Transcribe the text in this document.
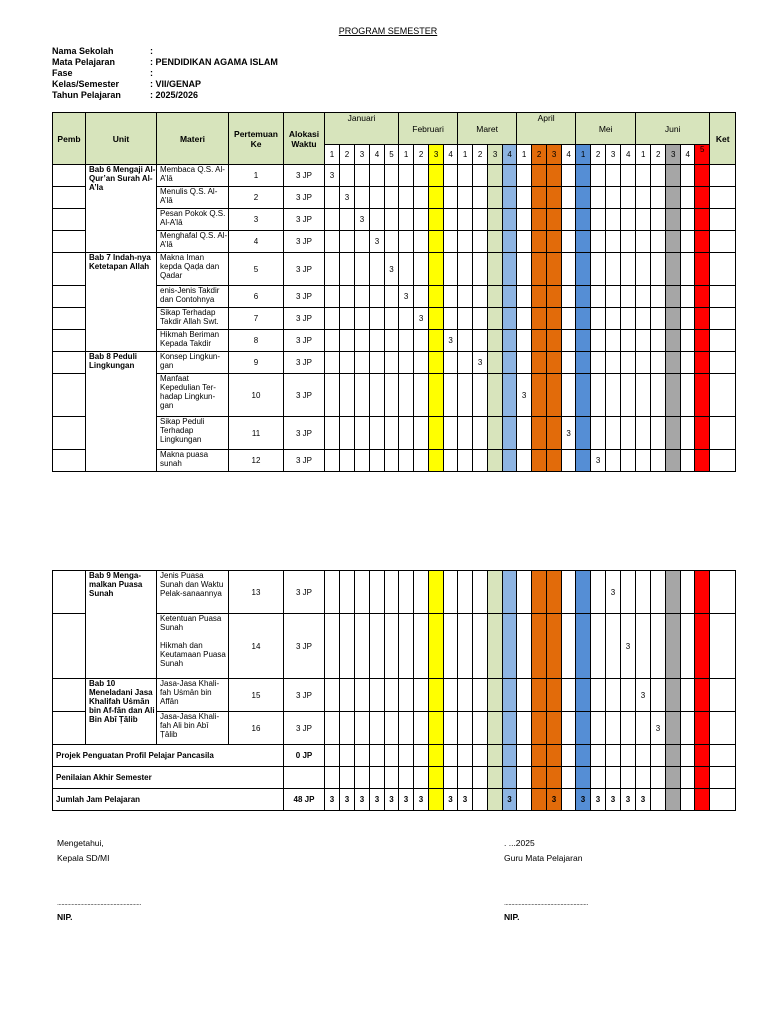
PROGRAM SEMESTER
Nama Sekolah	:
Mata Pelajaran	: PENDIDIKAN AGAMA ISLAM
Fase	:
Kelas/Semester	: VII/GENAP
Tahun Pelajaran	: 2025/2026
Pemb	Unit	Materi	Pertemuan Ke	Alokasi Waktu	Januari					Februari				Maret				April				Mei				Juni					Ket	
					1	2	3	4	5	1	2	3	4	1	2	3	4	1	2	3	4	1	2	3	4	1	2	3	4	5		
	Bab 6 Mengaji Al-Qur’an Surah Al-A’la	Membaca Q.S. Al-A’lā	1	3 JP	3																											
		Menulis Q.S. Al-A’lā	2	3 JP		3																										
		Pesan Pokok Q.S. Al-A’lā	3	3 JP			3																									
		Menghafal Q.S. Al-A’lā	4	3 JP				3																								
	Bab 7 Indah-nya Ketetapan Allah	Makna Iman kepda Qaḍa dan Qadar	5	3 JP					3																							
		enis-Jenis Takdir dan Contohnya	6	3 JP						3																						
		Sikap Terhadap Takdir Allah Swt.	7	3 JP							3																					
		Hikmah Beriman Kepada Takdir	8	3 JP									3																			
	Bab 8 Peduli Lingkungan	Konsep Lingkun-gan	9	3 JP											3																	
		Manfaat Kepedulian Ter-hadap Lingkun-gan	10	3 JP														3														
		Sikap Peduli Terhadap Lingkungan	11	3 JP																	3											
		Makna puasa sunah	12	3 JP																			3									
	Bab 9 Menga-malkan Puasa Sunah	Jenis Puasa Sunah dan Waktu Pelak-sanaannya	13	3 JP																				3							
		Ketentuan Puasa Sunah

Hikmah dan Keutamaan Puasa Sunah	14	3 JP																					3						
	Bab 10 Meneladani Jasa Khalifah Uṡmān bin Af-fān dan Ali Bin Abī Ṭālib	Jasa-Jasa Khali-fah Uṡmān bin Affān	15	3 JP																						3					
		Jasa-Jasa Khali-fah Ali bin Abī Ṭālib	16	3 JP																							3				
Projek Penguatan Profil Pelajar Pancasila				0 JP																											
Penilaian Akhir Semester																															
Jumlah Jam Pelajaran				48 JP	3	3	3	3	3	3	3		3	3			3			3		3	3	3	3	3					
Mengetahui,
Kepala SD/MI
..........................................................
NIP.
. ...2025
Guru Mata Pelajaran
..........................................................
NIP.
